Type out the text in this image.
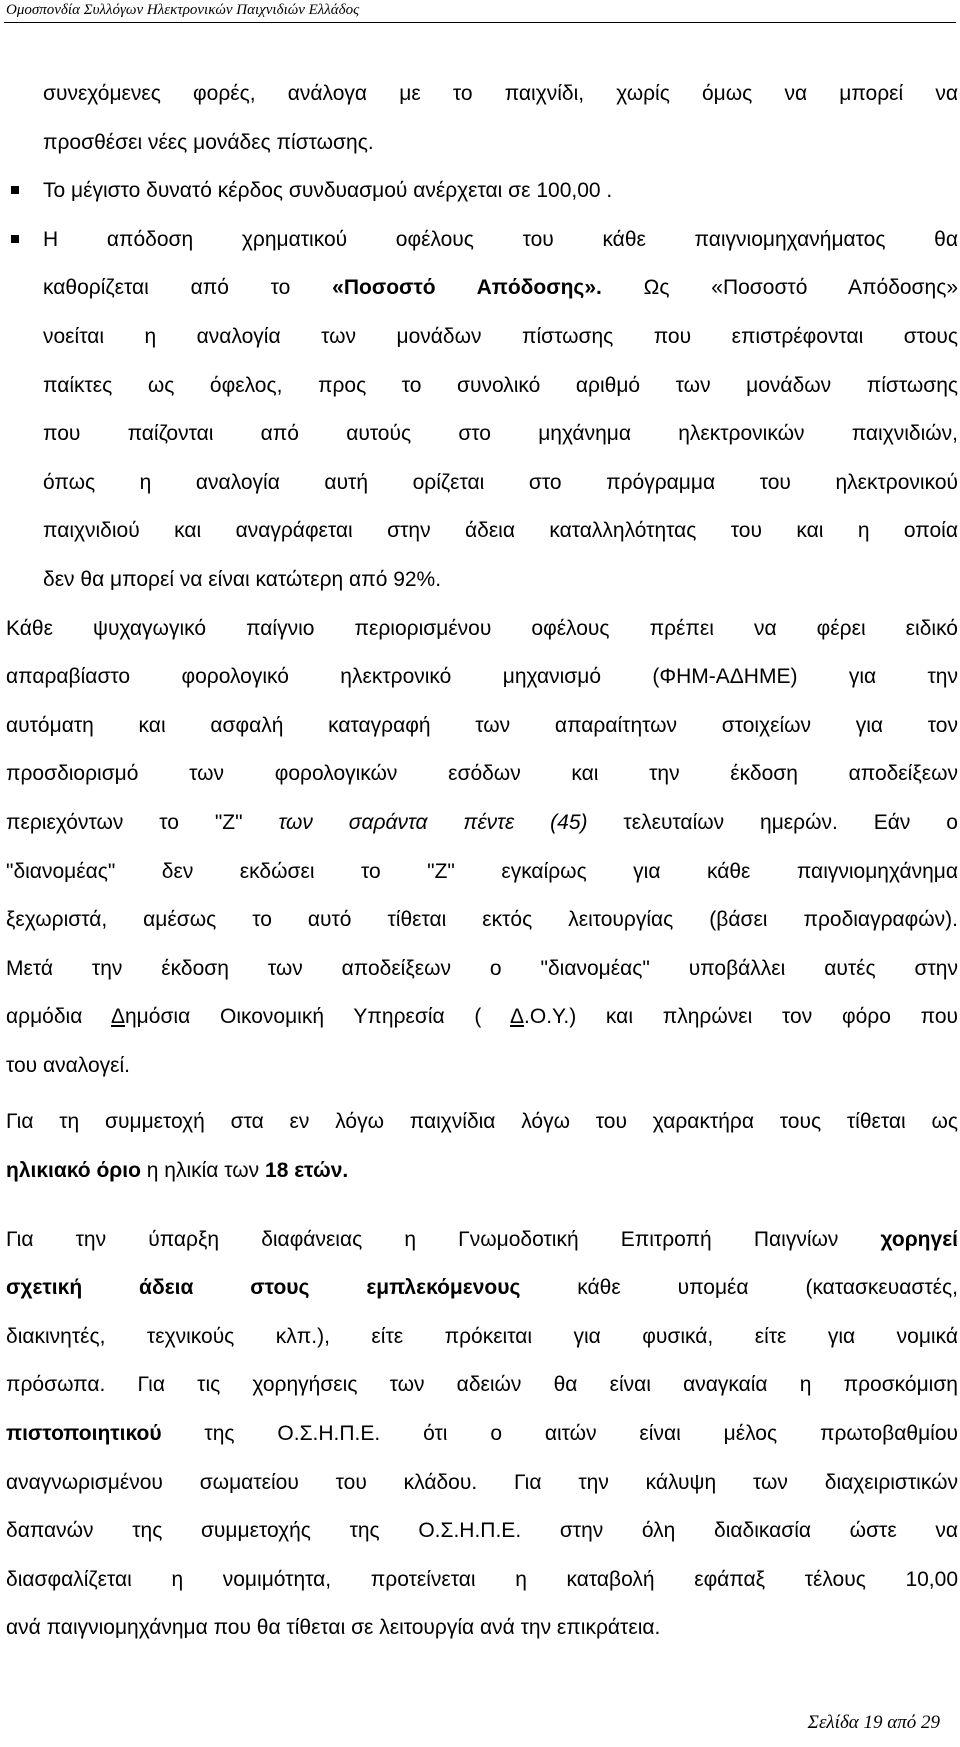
Ομοσπονδία Συλλόγων Ηλεκτρονικών Παιχνιδιών Ελλάδος
συνεχόμενες φορές, ανάλογα με το παιχνίδι, χωρίς όμως να μπορεί να
προσθέσει νέες μονάδες πίστωσης.
Το μέγιστο δυνατό κέρδος συνδυασμού ανέρχεται σε 100,00 .
Η απόδοση χρηματικού οφέλους του κάθε παιγνιομηχανήματος θα
καθορίζεται από το «Ποσοστό Απόδοσης». Ως «Ποσοστό Απόδοσης»
νοείται η αναλογία των μονάδων πίστωσης που επιστρέφονται στους
παίκτες ως όφελος, προς το συνολικό αριθμό των μονάδων πίστωσης
που παίζονται από αυτούς στο μηχάνημα ηλεκτρονικών παιχνιδιών,
όπως η αναλογία αυτή ορίζεται στο πρόγραμμα του ηλεκτρονικού
παιχνιδιού και αναγράφεται στην άδεια καταλληλότητας του και η οποία
δεν θα μπορεί να είναι κατώτερη από 92%.
Κάθε ψυχαγωγικό παίγνιο περιορισμένου οφέλους πρέπει να φέρει ειδικό
απαραβίαστο φορολογικό ηλεκτρονικό μηχανισμό (ΦΗΜ-ΑΔΗΜΕ) για την
αυτόματη και ασφαλή καταγραφή των απαραίτητων στοιχείων για τον
προσδιορισμό των φορολογικών εσόδων και την έκδοση αποδείξεων
περιεχόντων το "Ζ" των σαράντα πέντε (45) τελευταίων ημερών. Εάν ο
"διανομέας" δεν εκδώσει το "Ζ" εγκαίρως για κάθε παιγνιομηχάνημα
ξεχωριστά, αμέσως το αυτό τίθεται εκτός λειτουργίας (βάσει προδιαγραφών).
Μετά την έκδοση των αποδείξεων ο "διανομέας" υποβάλλει αυτές στην
αρμόδια Δημόσια Οικονομική Υπηρεσία ( Δ.Ο.Υ.) και πληρώνει τον φόρο που
του αναλογεί.
Για τη συμμετοχή στα εν λόγω παιχνίδια λόγω του χαρακτήρα τους τίθεται ως
ηλικιακό όριο η ηλικία των 18 ετών.
Για την ύπαρξη διαφάνειας η Γνωμοδοτική Επιτροπή Παιγνίων χορηγεί
σχετική άδεια στους εμπλεκόμενους κάθε υπομέα (κατασκευαστές,
διακινητές, τεχνικούς κλπ.), είτε πρόκειται για φυσικά, είτε για νομικά
πρόσωπα. Για τις χορηγήσεις των αδειών θα είναι αναγκαία η προσκόμιση
πιστοποιητικού της Ο.Σ.Η.Π.Ε. ότι ο αιτών είναι μέλος πρωτοβαθμίου
αναγνωρισμένου σωματείου του κλάδου. Για την κάλυψη των διαχειριστικών
δαπανών της συμμετοχής της Ο.Σ.Η.Π.Ε. στην όλη διαδικασία ώστε να
διασφαλίζεται η νομιμότητα, προτείνεται η καταβολή εφάπαξ τέλους 10,00
ανά παιγνιομηχάνημα που θα τίθεται σε λειτουργία ανά την επικράτεια.
Σελίδα 19 από 29
